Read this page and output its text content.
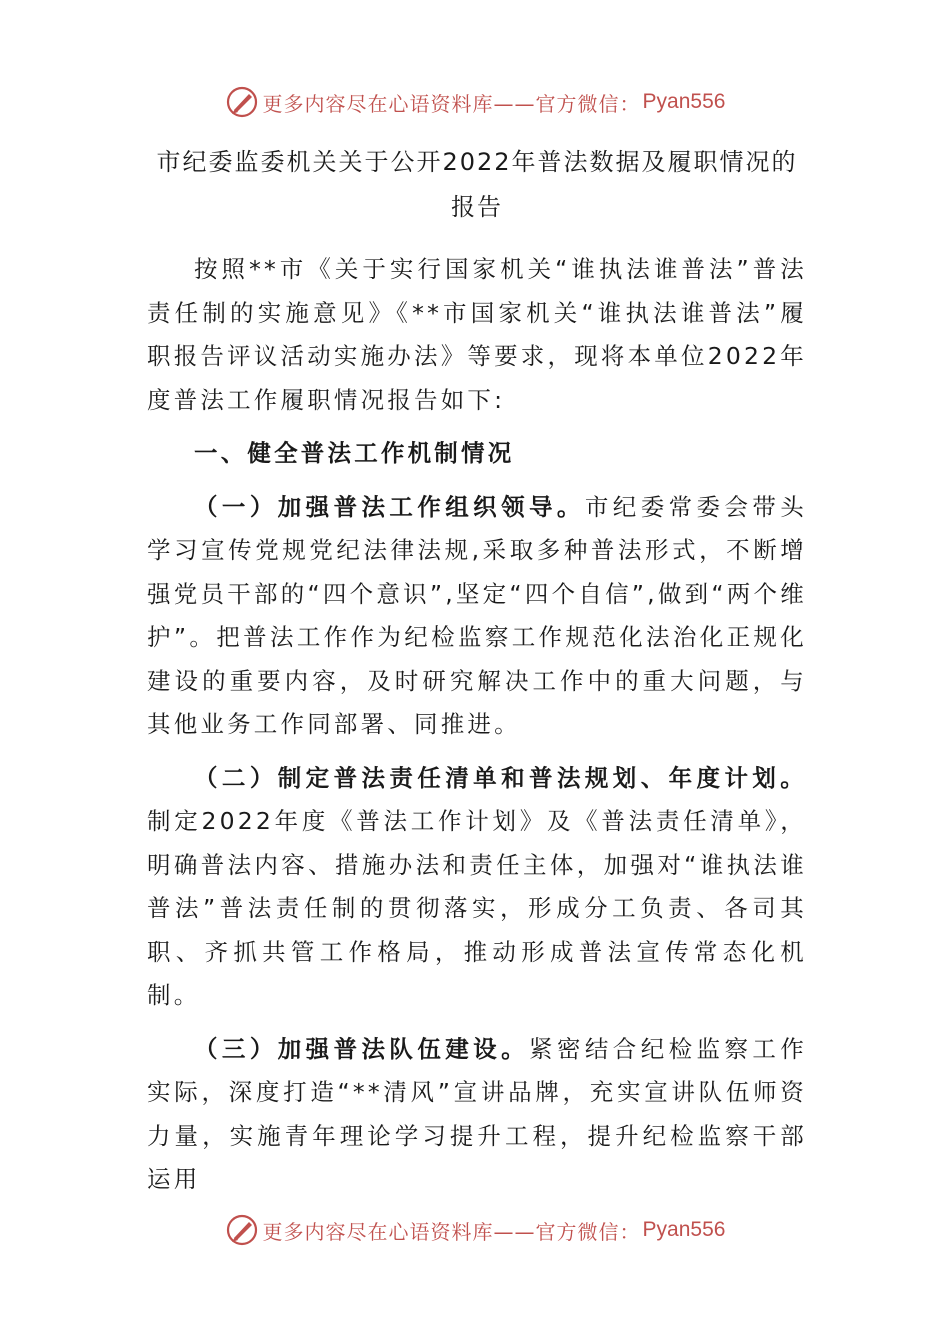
更多内容尽在心语资料库——官方微信： Pyan556
市纪委监委机关关于公开2022年普法数据及履职情况的报告

按照**市《关于实行国家机关“谁执法谁普法”普法责任制的实施意见》《**市国家机关“谁执法谁普法”履职报告评议活动实施办法》等要求，现将本单位2022年度普法工作履职情况报告如下:

一、健全普法工作机制情况

（一）加强普法工作组织领导。市纪委常委会带头学习宣传党规党纪法律法规,采取多种普法形式，不断增强党员干部的“四个意识”,坚定“四个自信”,做到“两个维护”。把普法工作作为纪检监察工作规范化法治化正规化建设的重要内容，及时研究解决工作中的重大问题，与其他业务工作同部署、同推进。

（二）制定普法责任清单和普法规划、年度计划。制定2022年度《普法工作计划》及《普法责任清单》，明确普法内容、措施办法和责任主体，加强对“谁执法谁普法”普法责任制的贯彻落实，形成分工负责、各司其职、齐抓共管工作格局，推动形成普法宣传常态化机制。

（三）加强普法队伍建设。紧密结合纪检监察工作实际，深度打造“**清风”宣讲品牌，充实宣讲队伍师资力量，实施青年理论学习提升工程，提升纪检监察干部运用

更多内容尽在心语资料库——官方微信： Pyan556
